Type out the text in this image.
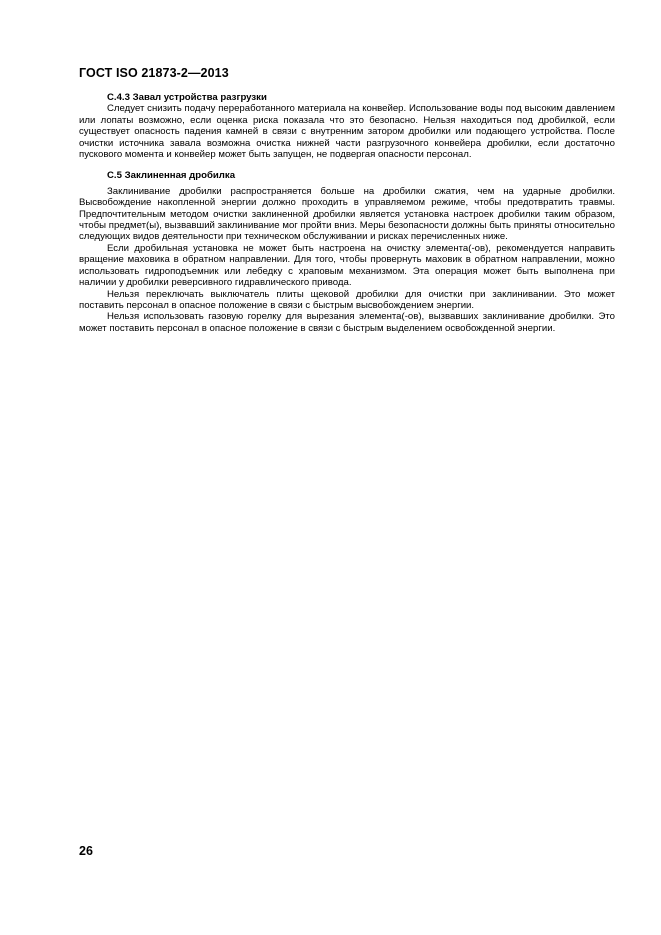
ГОСТ ISO 21873-2—2013
С.4.3 Завал устройства разгрузки

Следует снизить подачу переработанного материала на конвейер. Использование воды под высоким давлением или лопаты возможно, если оценка риска показала что это безопасно. Нельзя находиться под дробилкой, если существует опасность падения камней в связи с внутренним затором дробилки или подающего устройства. После очистки источника завала возможна очистка нижней части разгрузочного конвейера дробилки, если достаточно пускового момента и конвейер может быть запущен, не подвергая опасности персонал.

С.5 Заклиненная дробилка

Заклинивание дробилки распространяется больше на дробилки сжатия, чем на ударные дробилки. Высвобождение накопленной энергии должно проходить в управляемом режиме, чтобы предотвратить травмы. Предпочтительным методом очистки заклиненной дробилки является установка настроек дробилки таким образом, чтобы предмет(ы), вызвавший заклинивание мог пройти вниз. Меры безопасности должны быть приняты относительно следующих видов деятельности при техническом обслуживании и рисках перечисленных ниже.

Если дробильная установка не может быть настроена на очистку элемента(-ов), рекомендуется направить вращение маховика в обратном направлении. Для того, чтобы провернуть маховик в обратном направлении, можно использовать гидроподъемник или лебедку с храповым механизмом. Эта операция может быть выполнена при наличии у дробилки реверсивного гидравлического привода.

Нельзя переключать выключатель плиты щековой дробилки для очистки при заклинивании. Это может поставить персонал в опасное положение в связи с быстрым высвобождением энергии.

Нельзя использовать газовую горелку для вырезания элемента(-ов), вызвавших заклинивание дробилки. Это может поставить персонал в опасное положение в связи с быстрым выделением освобожденной энергии.

26
